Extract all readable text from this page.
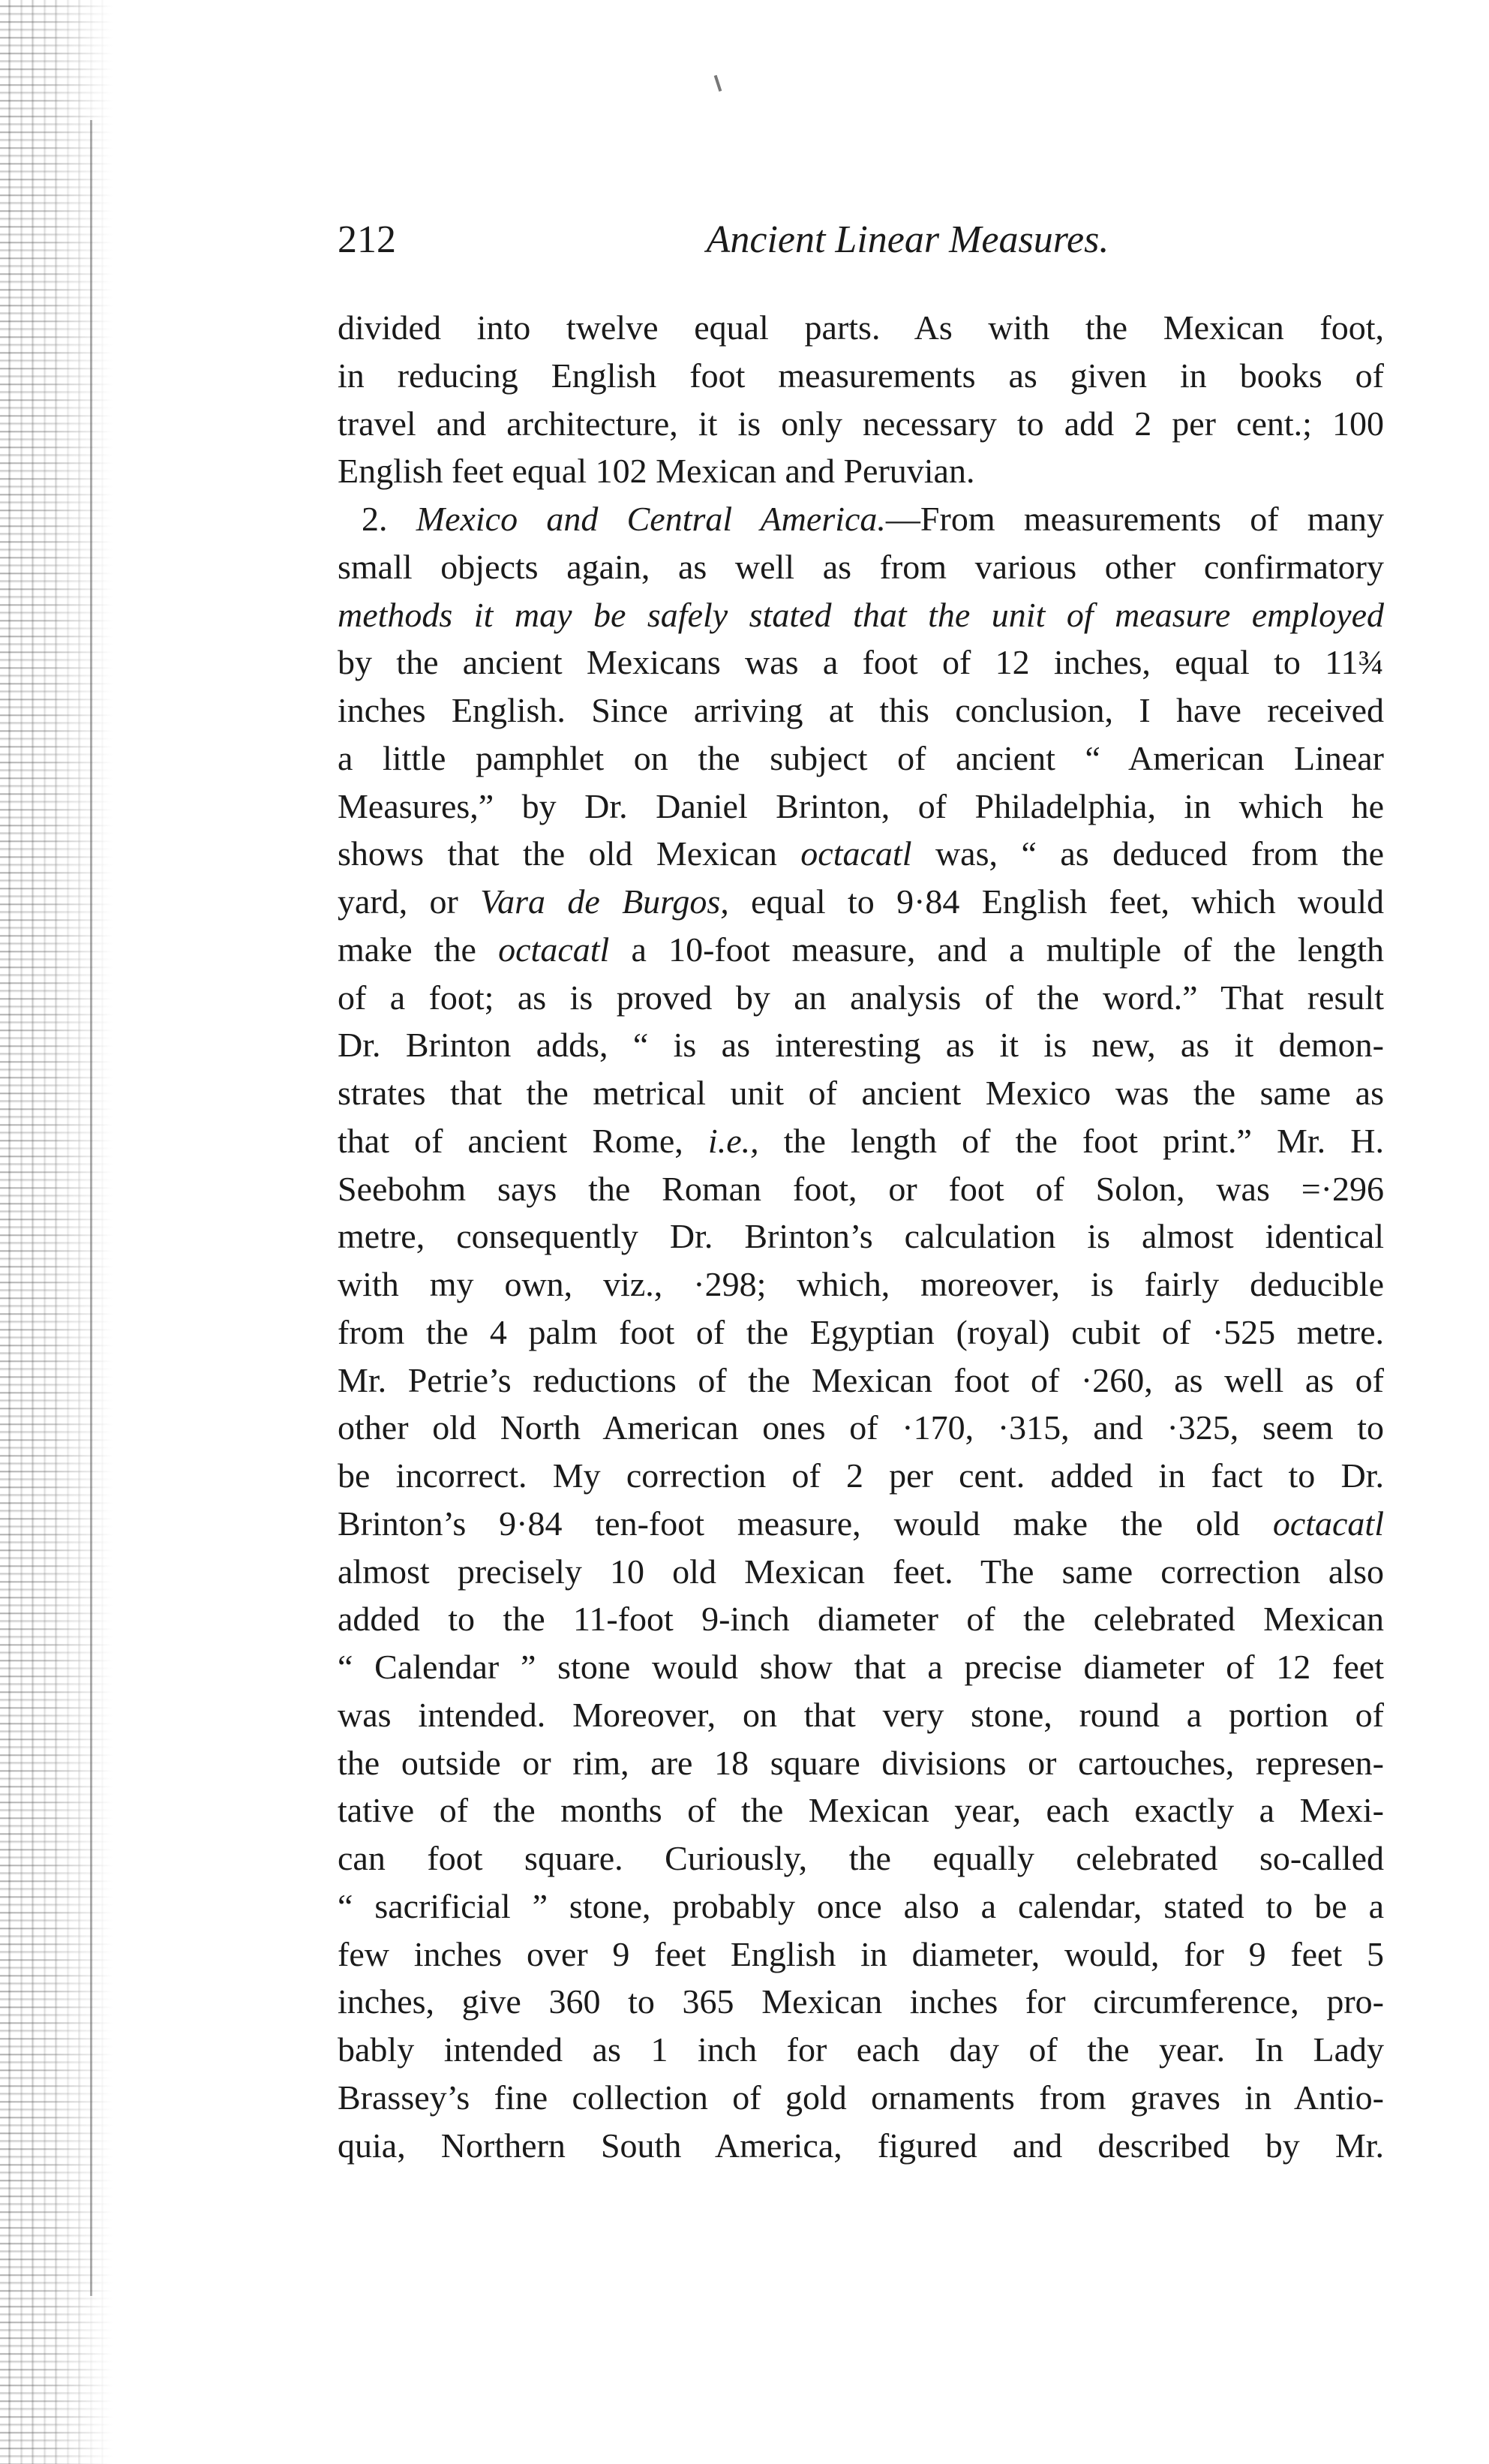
212	Ancient Linear Measures.
divided into twelve equal parts. As with the Mexican foot,
in reducing English foot measurements as given in books of
travel and architecture, it is only necessary to add 2 per cent.; 100
English feet equal 102 Mexican and Peruvian.
2. Mexico and Central America.—From measurements of many
small objects again, as well as from various other confirmatory
methods it may be safely stated that the unit of measure employed
by the ancient Mexicans was a foot of 12 inches, equal to 11¾
inches English. Since arriving at this conclusion, I have received
a little pamphlet on the subject of ancient “ American Linear
Measures,” by Dr. Daniel Brinton, of Philadelphia, in which he
shows that the old Mexican octacatl was, “ as deduced from the
yard, or Vara de Burgos, equal to 9·84 English feet, which would
make the octacatl a 10-foot measure, and a multiple of the length
of a foot; as is proved by an analysis of the word.” That result
Dr. Brinton adds, “ is as interesting as it is new, as it demon-
strates that the metrical unit of ancient Mexico was the same as
that of ancient Rome, i.e., the length of the foot print.” Mr. H.
Seebohm says the Roman foot, or foot of Solon, was =·296
metre, consequently Dr. Brinton’s calculation is almost identical
with my own, viz., ·298; which, moreover, is fairly deducible
from the 4 palm foot of the Egyptian (royal) cubit of ·525 metre.
Mr. Petrie’s reductions of the Mexican foot of ·260, as well as of
other old North American ones of ·170, ·315, and ·325, seem to
be incorrect. My correction of 2 per cent. added in fact to Dr.
Brinton’s 9·84 ten-foot measure, would make the old octacatl
almost precisely 10 old Mexican feet. The same correction also
added to the 11-foot 9-inch diameter of the celebrated Mexican
“ Calendar ” stone would show that a precise diameter of 12 feet
was intended. Moreover, on that very stone, round a portion of
the outside or rim, are 18 square divisions or cartouches, represen-
tative of the months of the Mexican year, each exactly a Mexi-
can foot square. Curiously, the equally celebrated so-called
“ sacrificial ” stone, probably once also a calendar, stated to be a
few inches over 9 feet English in diameter, would, for 9 feet 5
inches, give 360 to 365 Mexican inches for circumference, pro-
bably intended as 1 inch for each day of the year. In Lady
Brassey’s fine collection of gold ornaments from graves in Antio-
quia, Northern South America, figured and described by Mr.
